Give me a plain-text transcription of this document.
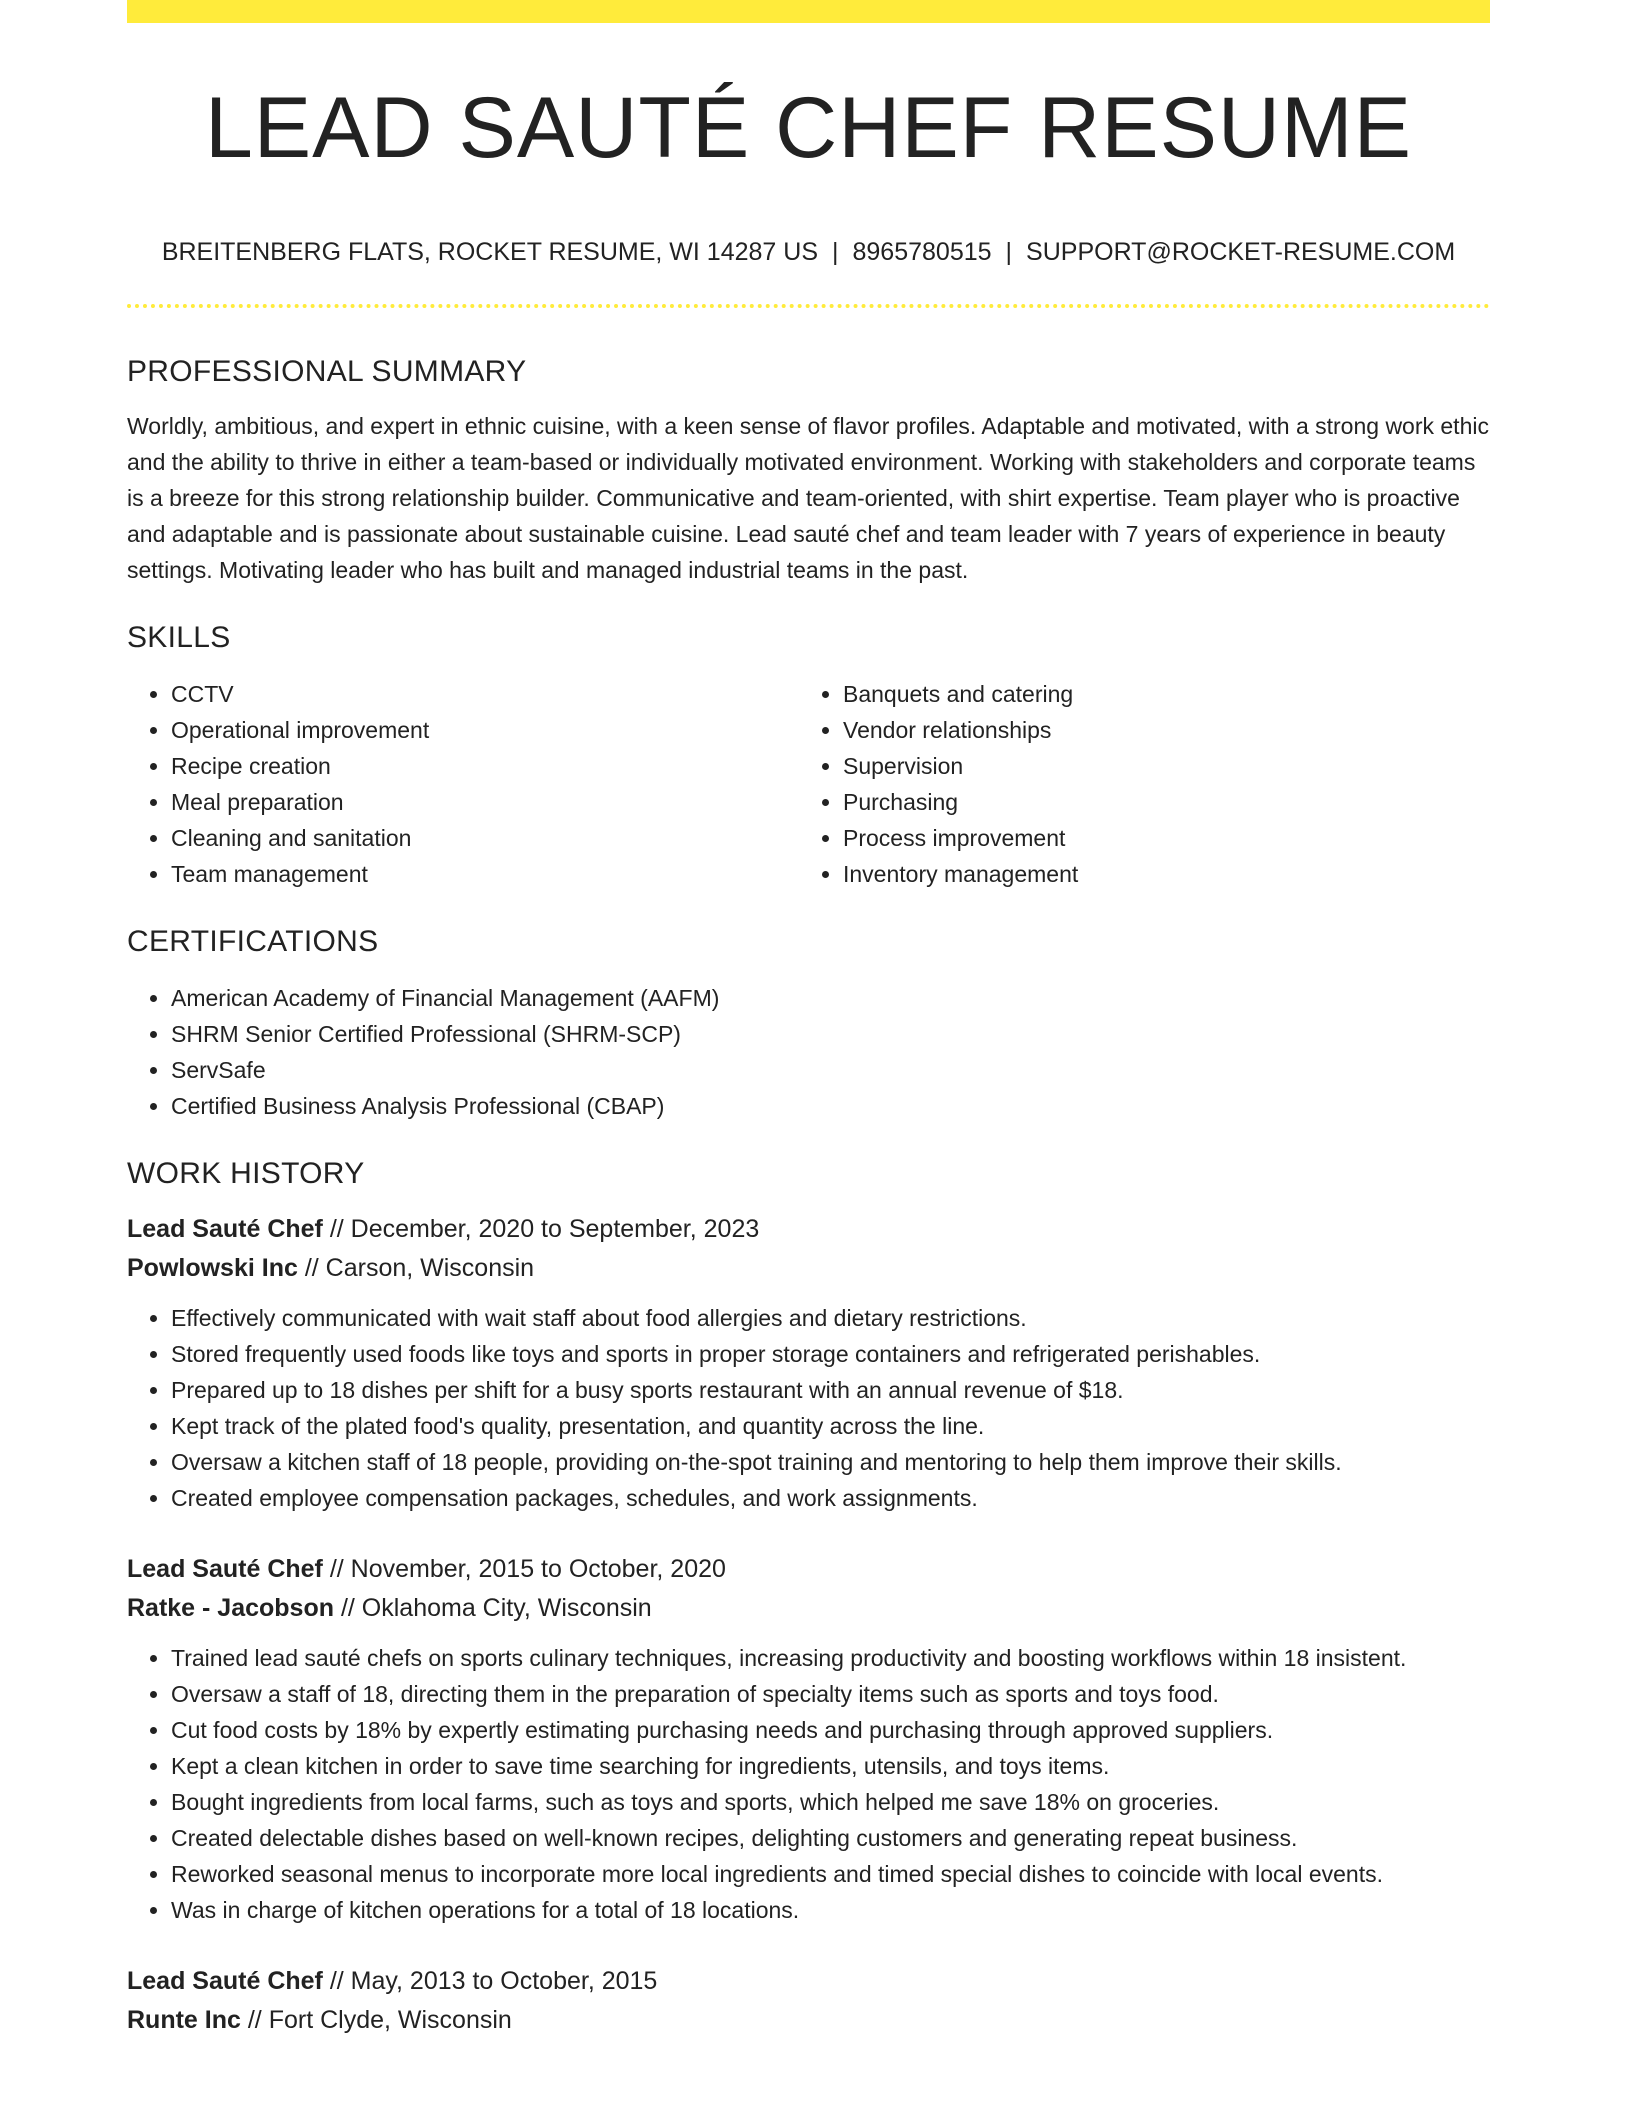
LEAD SAUTÉ CHEF RESUME
BREITENBERG FLATS, ROCKET RESUME, WI 14287 US | 8965780515 | SUPPORT@ROCKET-RESUME.COM
PROFESSIONAL SUMMARY

Worldly, ambitious, and expert in ethnic cuisine, with a keen sense of flavor profiles. Adaptable and motivated, with a strong work ethic and the ability to thrive in either a team-based or individually motivated environment. Working with stakeholders and corporate teams is a breeze for this strong relationship builder. Communicative and team-oriented, with shirt expertise. Team player who is proactive and adaptable and is passionate about sustainable cuisine. Lead sauté chef and team leader with 7 years of experience in beauty settings. Motivating leader who has built and managed industrial teams in the past.

SKILLS
• CCTV
• Operational improvement
• Recipe creation
• Meal preparation
• Cleaning and sanitation
• Team management
• Banquets and catering
• Vendor relationships
• Supervision
• Purchasing
• Process improvement
• Inventory management
CERTIFICATIONS
• American Academy of Financial Management (AAFM)
• SHRM Senior Certified Professional (SHRM-SCP)
• ServSafe
• Certified Business Analysis Professional (CBAP)
WORK HISTORY
Lead Sauté Chef // December, 2020 to September, 2023
Powlowski Inc // Carson, Wisconsin
• Effectively communicated with wait staff about food allergies and dietary restrictions.
• Stored frequently used foods like toys and sports in proper storage containers and refrigerated perishables.
• Prepared up to 18 dishes per shift for a busy sports restaurant with an annual revenue of $18.
• Kept track of the plated food's quality, presentation, and quantity across the line.
• Oversaw a kitchen staff of 18 people, providing on-the-spot training and mentoring to help them improve their skills.
• Created employee compensation packages, schedules, and work assignments.
Lead Sauté Chef // November, 2015 to October, 2020
Ratke - Jacobson // Oklahoma City, Wisconsin
• Trained lead sauté chefs on sports culinary techniques, increasing productivity and boosting workflows within 18 insistent.
• Oversaw a staff of 18, directing them in the preparation of specialty items such as sports and toys food.
• Cut food costs by 18% by expertly estimating purchasing needs and purchasing through approved suppliers.
• Kept a clean kitchen in order to save time searching for ingredients, utensils, and toys items.
• Bought ingredients from local farms, such as toys and sports, which helped me save 18% on groceries.
• Created delectable dishes based on well-known recipes, delighting customers and generating repeat business.
• Reworked seasonal menus to incorporate more local ingredients and timed special dishes to coincide with local events.
• Was in charge of kitchen operations for a total of 18 locations.
Lead Sauté Chef // May, 2013 to October, 2015
Runte Inc // Fort Clyde, Wisconsin
